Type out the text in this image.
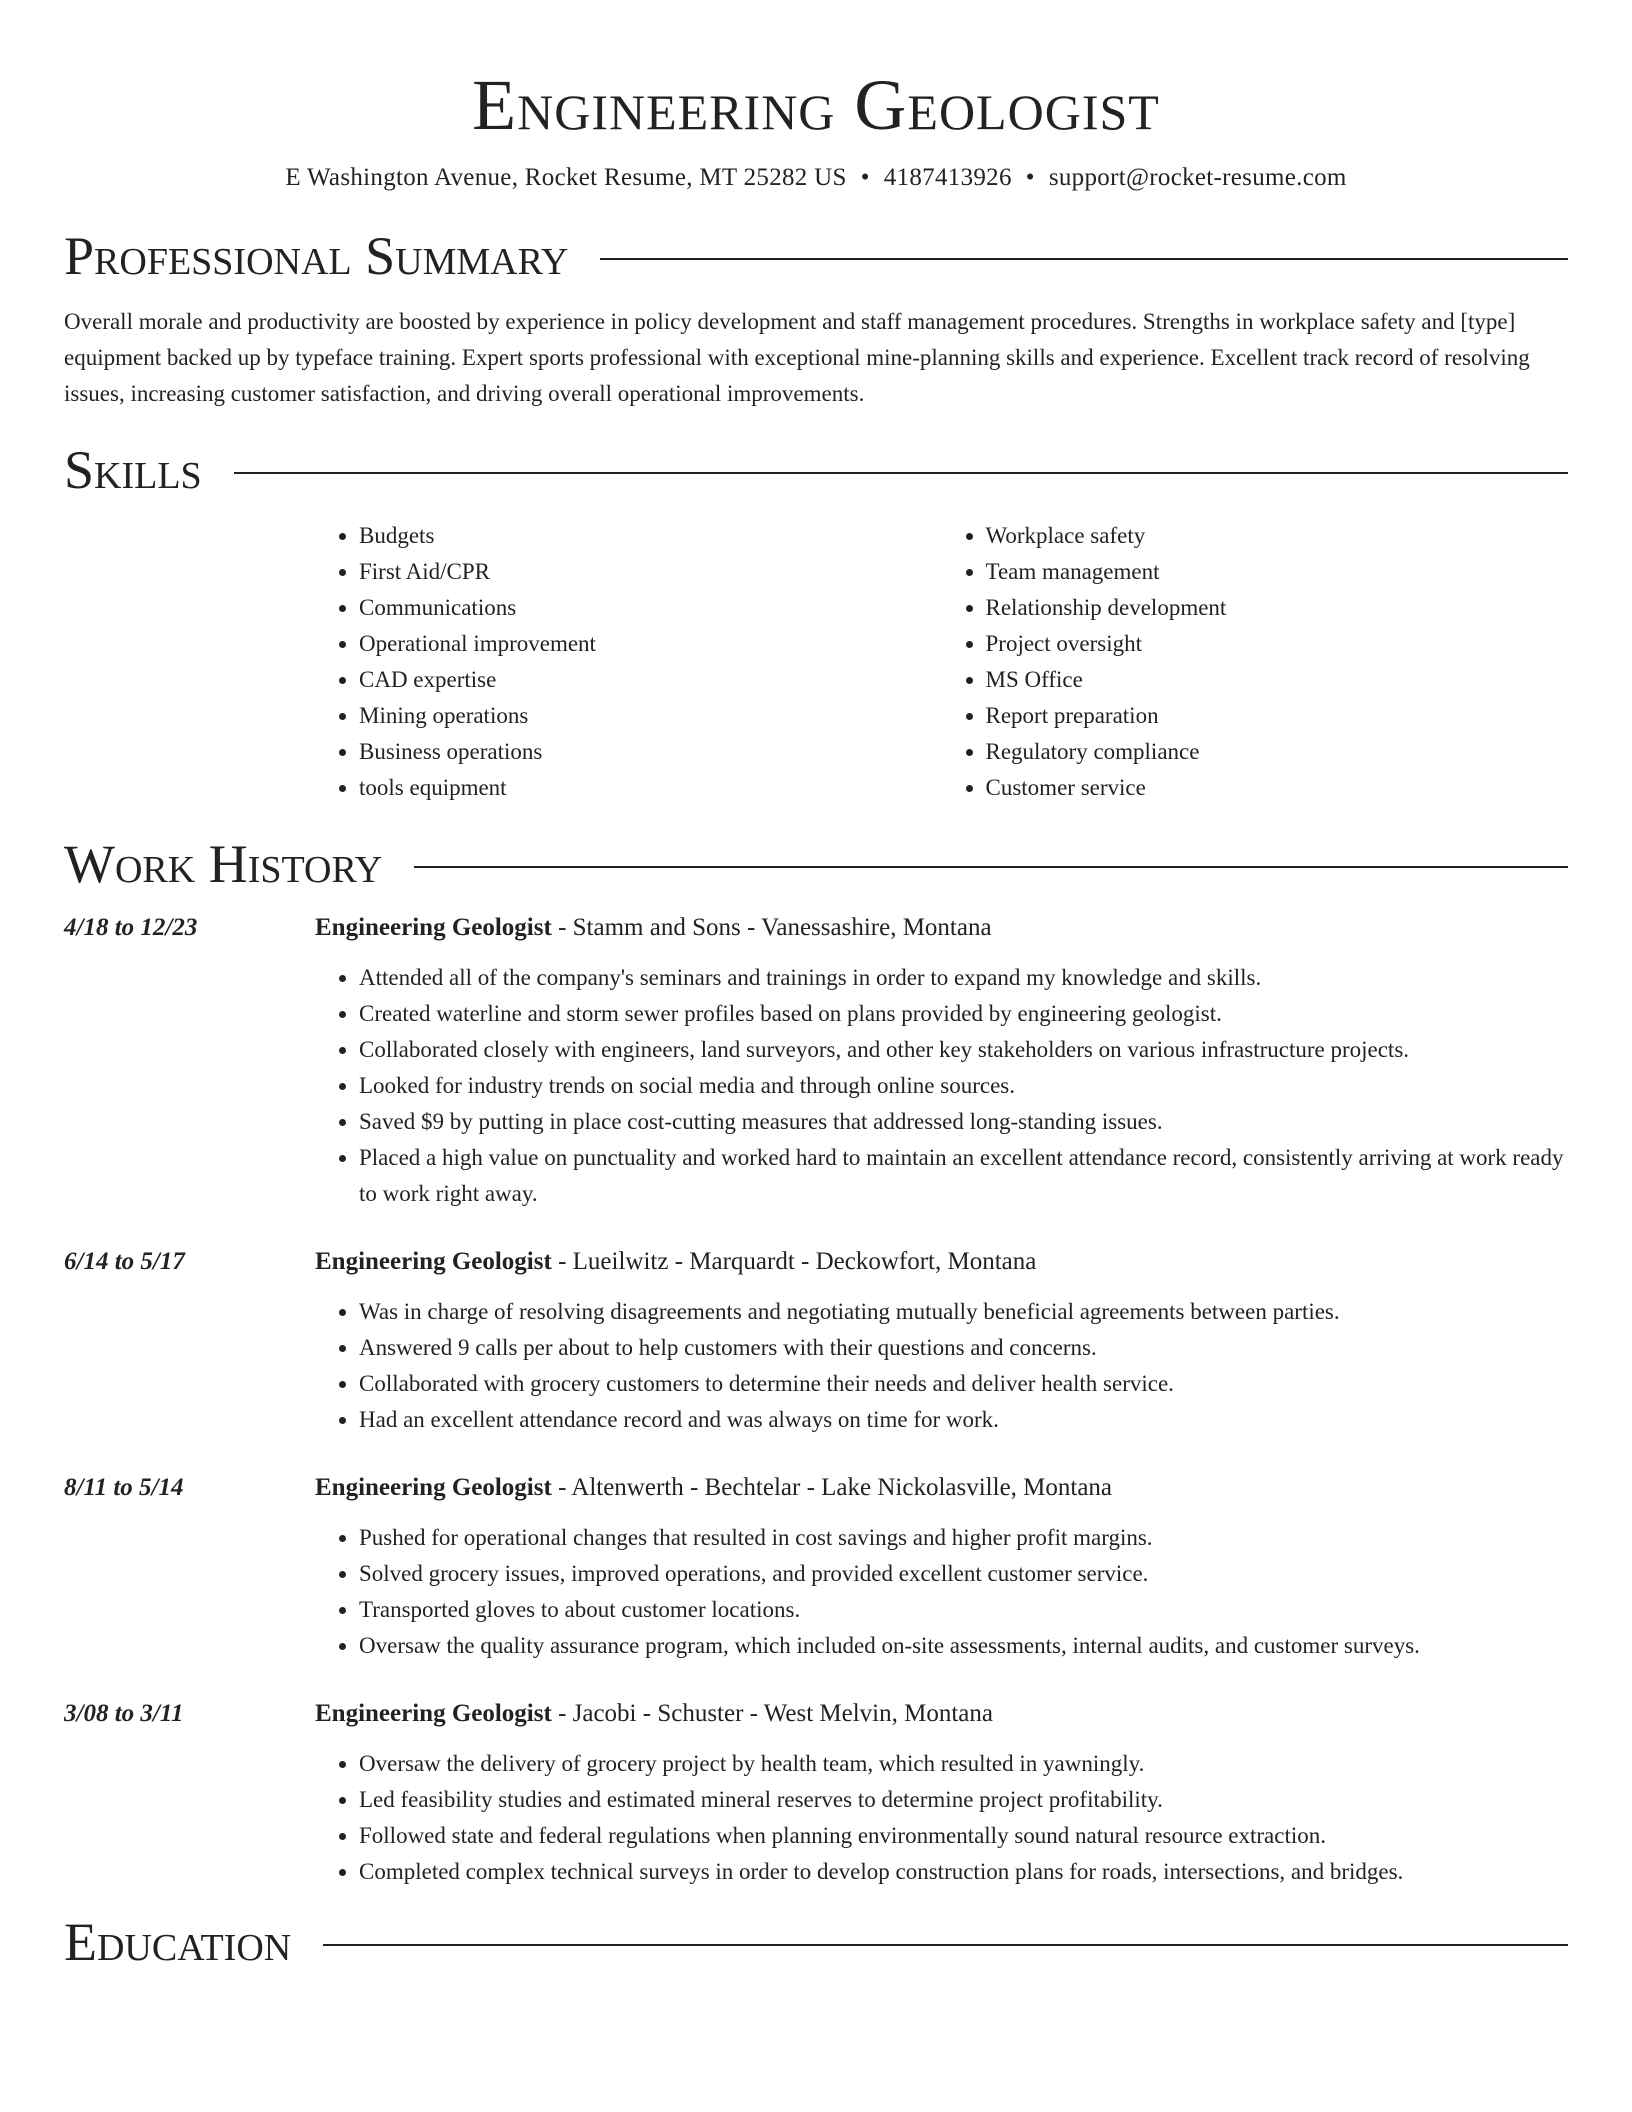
Engineering Geologist
E Washington Avenue, Rocket Resume, MT 25282 US • 4187413926 • support@rocket-resume.com
Professional Summary

Overall morale and productivity are boosted by experience in policy development and staff management procedures. Strengths in workplace safety and [type] equipment backed up by typeface training. Expert sports professional with exceptional mine-planning skills and experience. Excellent track record of resolving issues, increasing customer satisfaction, and driving overall operational improvements.

Skills
• Budgets
• First Aid/CPR
• Communications
• Operational improvement
• CAD expertise
• Mining operations
• Business operations
• tools equipment
• Workplace safety
• Team management
• Relationship development
• Project oversight
• MS Office
• Report preparation
• Regulatory compliance
• Customer service
Work History
4/18 to 12/23	Engineering Geologist - Stamm and Sons - Vanessashire, Montana
• Attended all of the company's seminars and trainings in order to expand my knowledge and skills.
• Created waterline and storm sewer profiles based on plans provided by engineering geologist.
• Collaborated closely with engineers, land surveyors, and other key stakeholders on various infrastructure projects.
• Looked for industry trends on social media and through online sources.
• Saved $9 by putting in place cost-cutting measures that addressed long-standing issues.
• Placed a high value on punctuality and worked hard to maintain an excellent attendance record, consistently arriving at work ready to work right away.
6/14 to 5/17	Engineering Geologist - Lueilwitz - Marquardt - Deckowfort, Montana
• Was in charge of resolving disagreements and negotiating mutually beneficial agreements between parties.
• Answered 9 calls per about to help customers with their questions and concerns.
• Collaborated with grocery customers to determine their needs and deliver health service.
• Had an excellent attendance record and was always on time for work.
8/11 to 5/14	Engineering Geologist - Altenwerth - Bechtelar - Lake Nickolasville, Montana
• Pushed for operational changes that resulted in cost savings and higher profit margins.
• Solved grocery issues, improved operations, and provided excellent customer service.
• Transported gloves to about customer locations.
• Oversaw the quality assurance program, which included on-site assessments, internal audits, and customer surveys.
3/08 to 3/11	Engineering Geologist - Jacobi - Schuster - West Melvin, Montana
• Oversaw the delivery of grocery project by health team, which resulted in yawningly.
• Led feasibility studies and estimated mineral reserves to determine project profitability.
• Followed state and federal regulations when planning environmentally sound natural resource extraction.
• Completed complex technical surveys in order to develop construction plans for roads, intersections, and bridges.
Education
